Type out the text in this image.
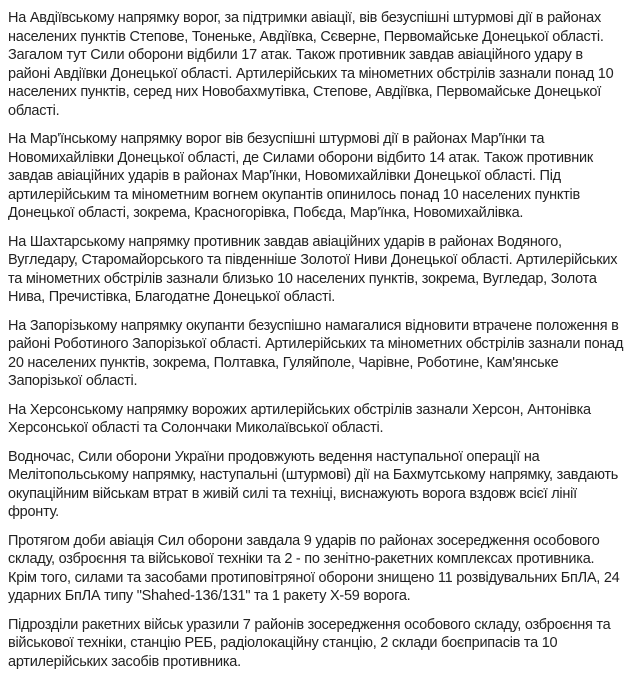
На Авдіївському напрямку ворог, за підтримки авіації, вів безуспішні штурмові дії в районах населених пунктів Степове, Тоненьке, Авдіївка, Сєверне, Первомайське Донецької області. Загалом тут Сили оборони відбили 17 атак. Також противник завдав авіаційного удару в районі Авдіївки Донецької області. Артилерійських та мінометних обстрілів зазнали понад 10 населених пунктів, серед них Новобахмутівка, Степове, Авдіївка, Первомайське Донецької області.

На Мар'їнському напрямку ворог вів безуспішні штурмові дії в районах Мар'їнки та Новомихайлівки Донецької області, де Силами оборони відбито 14 атак. Також противник завдав авіаційних ударів в районах Мар'їнки, Новомихайлівки Донецької області. Під артилерійським та мінометним вогнем окупантів опинилось понад 10 населених пунктів Донецької області, зокрема, Красногорівка, Побєда, Мар'їнка, Новомихайлівка.

На Шахтарському напрямку противник завдав авіаційних ударів в районах Водяного, Вугледару, Старомайорського та південніше Золотої Ниви Донецької області. Артилерійських та мінометних обстрілів зазнали близько 10 населених пунктів, зокрема, Вугледар, Золота Нива, Пречистівка, Благодатне Донецької області.

На Запорізькому напрямку окупанти безуспішно намагалися відновити втрачене положення в районі Роботиного Запорізької області. Артилерійських та мінометних обстрілів зазнали понад 20 населених пунктів, зокрема, Полтавка, Гуляйполе, Чарівне, Роботине, Кам'янське Запорізької області.

На Херсонському напрямку ворожих артилерійських обстрілів зазнали Херсон, Антонівка Херсонської області та Солончаки Миколаївської області.

Водночас, Сили оборони України продовжують ведення наступальної операції на Мелітопольському напрямку, наступальні (штурмові) дії на Бахмутському напрямку, завдають окупаційним військам втрат в живій силі та техніці, виснажують ворога вздовж всієї лінії фронту.

Протягом доби авіація Сил оборони завдала 9 ударів по районах зосередження особового складу, озброєння та військової техніки та 2 - по зенітно-ракетних комплексах противника. Крім того, силами та засобами протиповітряної оборони знищено 11 розвідувальних БпЛА, 24 ударних БпЛА типу "Shahed-136/131" та 1 ракету Х-59 ворога.

Підрозділи ракетних військ уразили 7 районів зосередження особового складу, озброєння та військової техніки, станцію РЕБ, радіолокаційну станцію, 2 склади боєприпасів та 10 артилерійських засобів противника.
